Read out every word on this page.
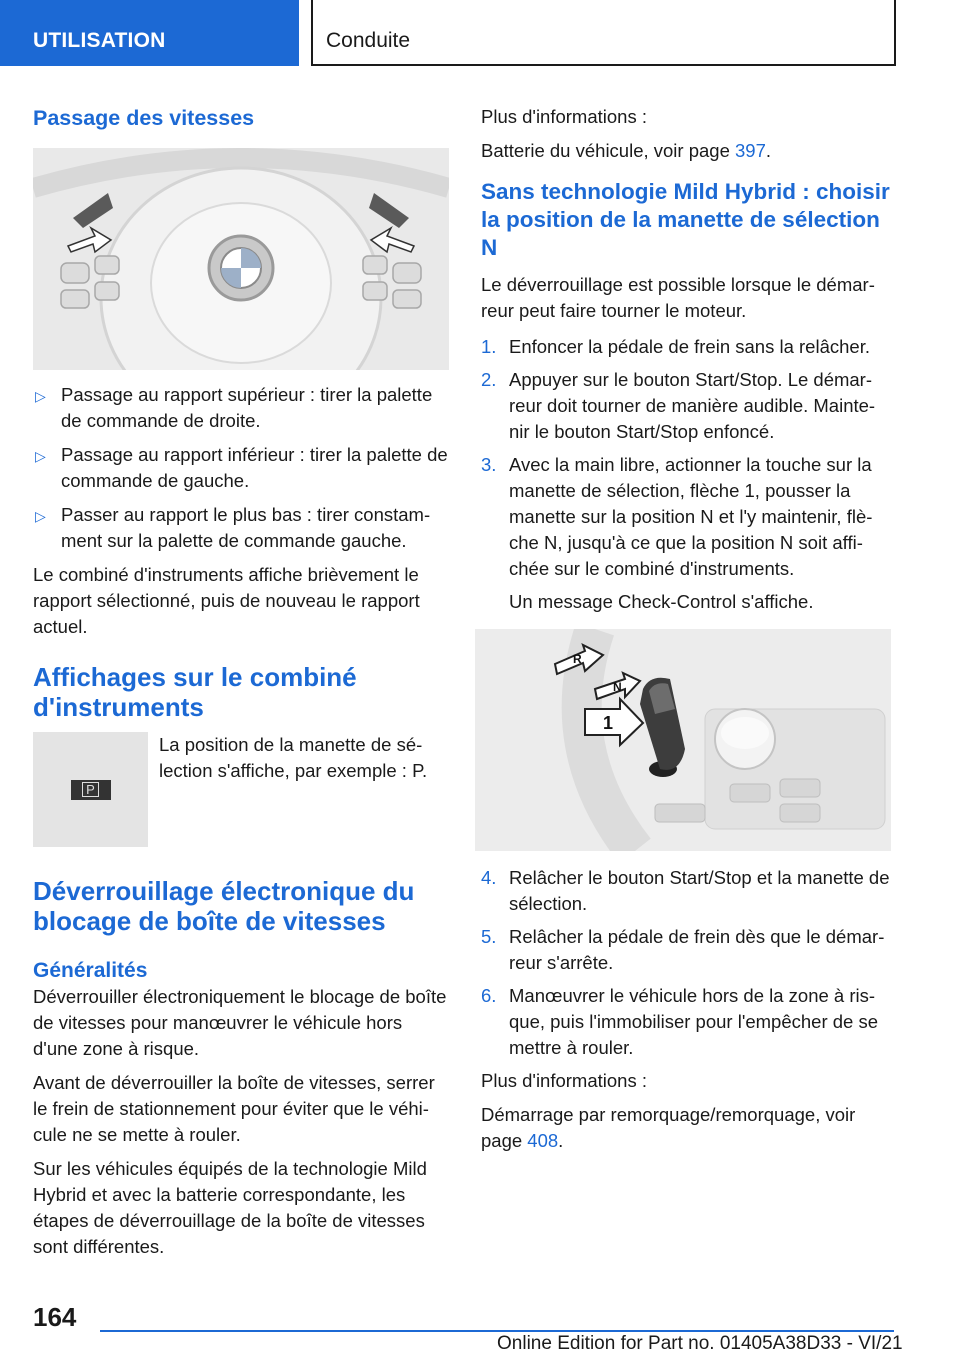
UTILISATION	Conduite
Passage des vitesses
▷ Passage au rapport supérieur : tirer la palette de commande de droite.
▷ Passage au rapport inférieur : tirer la palette de commande de gauche.
▷ Passer au rapport le plus bas : tirer constam-ment sur la palette de commande gauche.

Le combiné d'instruments affiche brièvement le rapport sélectionné, puis de nouveau le rapport actuel.

Affichages sur le combiné d'instruments
P

La position de la manette de sé-lection s'affiche, par exemple : P.

Déverrouillage électronique du blocage de boîte de vitesses
Généralités

Déverrouiller électroniquement le blocage de boîte de vitesses pour manœuvrer le véhicule hors d'une zone à risque.

Avant de déverrouiller la boîte de vitesses, serrer le frein de stationnement pour éviter que le véhi-cule ne se mette à rouler.

Sur les véhicules équipés de la technologie Mild Hybrid et avec la batterie correspondante, les étapes de déverrouillage de la boîte de vitesses sont différentes.

Plus d'informations :

Batterie du véhicule, voir page 397.

Sans technologie Mild Hybrid : choisir la position de la manette de sélection N

Le déverrouillage est possible lorsque le démar-reur peut faire tourner le moteur.

1. Enfoncer la pédale de frein sans la relâcher.
2. Appuyer sur le bouton Start/Stop. Le démar-reur doit tourner de manière audible. Mainte-nir le bouton Start/Stop enfoncé.
3. Avec la main libre, actionner la touche sur la manette de sélection, flèche 1, pousser la manette sur la position N et l'y maintenir, flè-che N, jusqu'à ce que la position N soit affi-chée sur le combiné d'instruments.
Un message Check-Control s'affiche.
R
N
1
4. Relâcher le bouton Start/Stop et la manette de sélection.
5. Relâcher la pédale de frein dès que le démar-reur s'arrête.
6. Manœuvrer le véhicule hors de la zone à ris-que, puis l'immobiliser pour l'empêcher de se mettre à rouler.

Plus d'informations :

Démarrage par remorquage/remorquage, voir page 408.

164
Online Edition for Part no. 01405A38D33 - VI/21
